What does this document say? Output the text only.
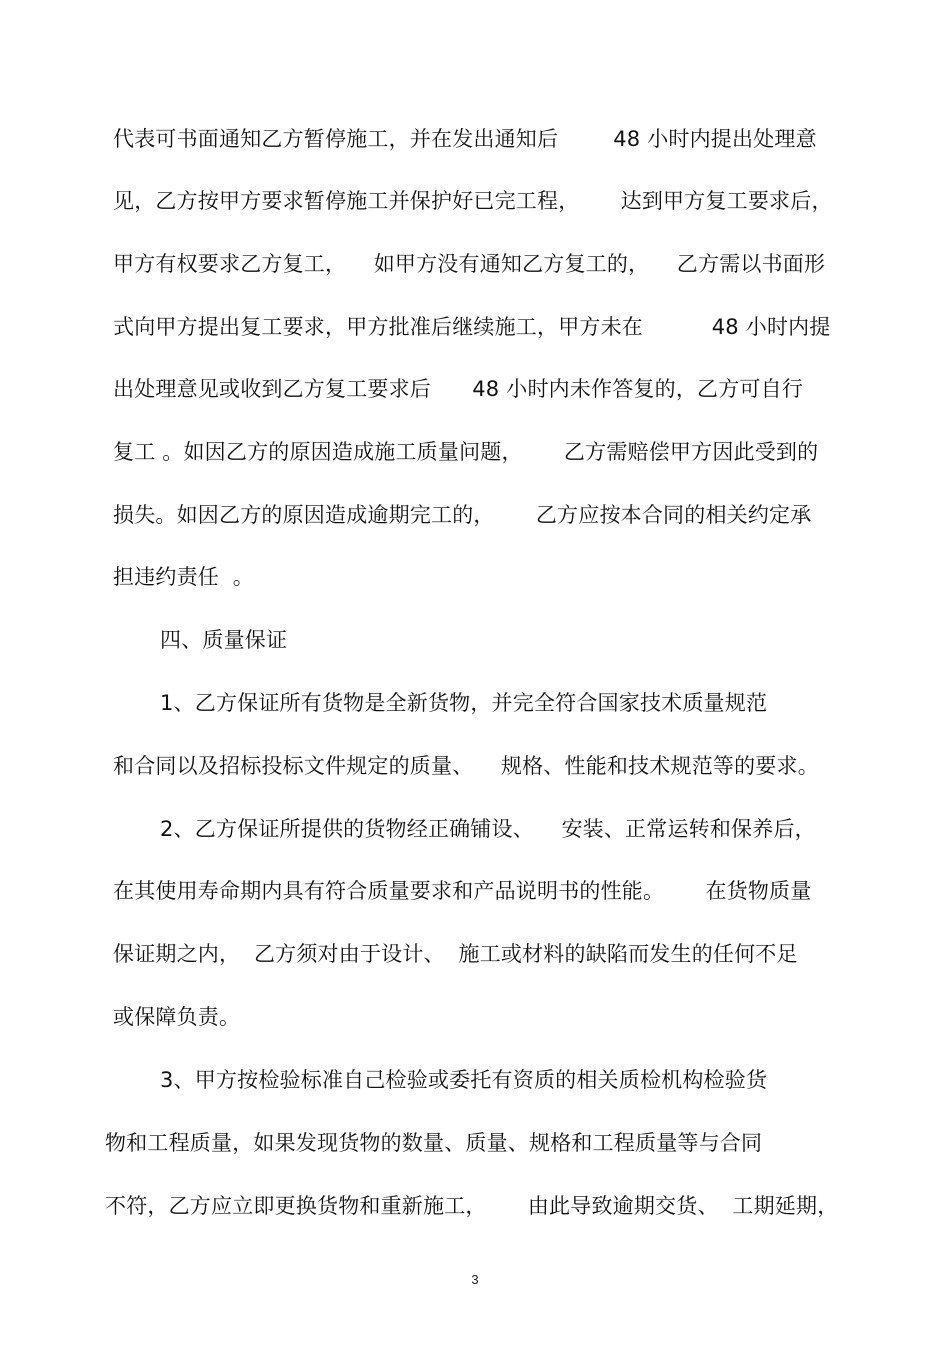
代表可书面通知乙方暂停施工，并在发出通知后        48 小时内提出处理意
见，乙方按甲方要求暂停施工并保护好已完工程，      达到甲方复工要求后，
甲方有权要求乙方复工，    如甲方没有通知乙方复工的，    乙方需以书面形
式向甲方提出复工要求，甲方批准后继续施工，甲方未在          48 小时内提
出处理意见或收到乙方复工要求后      48 小时内未作答复的，乙方可自行
复工 。如因乙方的原因造成施工质量问题，      乙方需赔偿甲方因此受到的
损失。如因乙方的原因造成逾期完工的，      乙方应按本合同的相关约定承
担违约责任  。
四、质量保证
1、乙方保证所有货物是全新货物，并完全符合国家技术质量规范
和合同以及招标投标文件规定的质量、    规格、性能和技术规范等的要求。
2、乙方保证所提供的货物经正确铺设、    安装、正常运转和保养后，
在其使用寿命期内具有符合质量要求和产品说明书的性能。      在货物质量
保证期之内，  乙方须对由于设计、  施工或材料的缺陷而发生的任何不足
或保障负责。
3、甲方按检验标准自己检验或委托有资质的相关质检机构检验货
物和工程质量，如果发现货物的数量、质量、规格和工程质量等与合同
不符，乙方应立即更换货物和重新施工，      由此导致逾期交货、  工期延期，
3
